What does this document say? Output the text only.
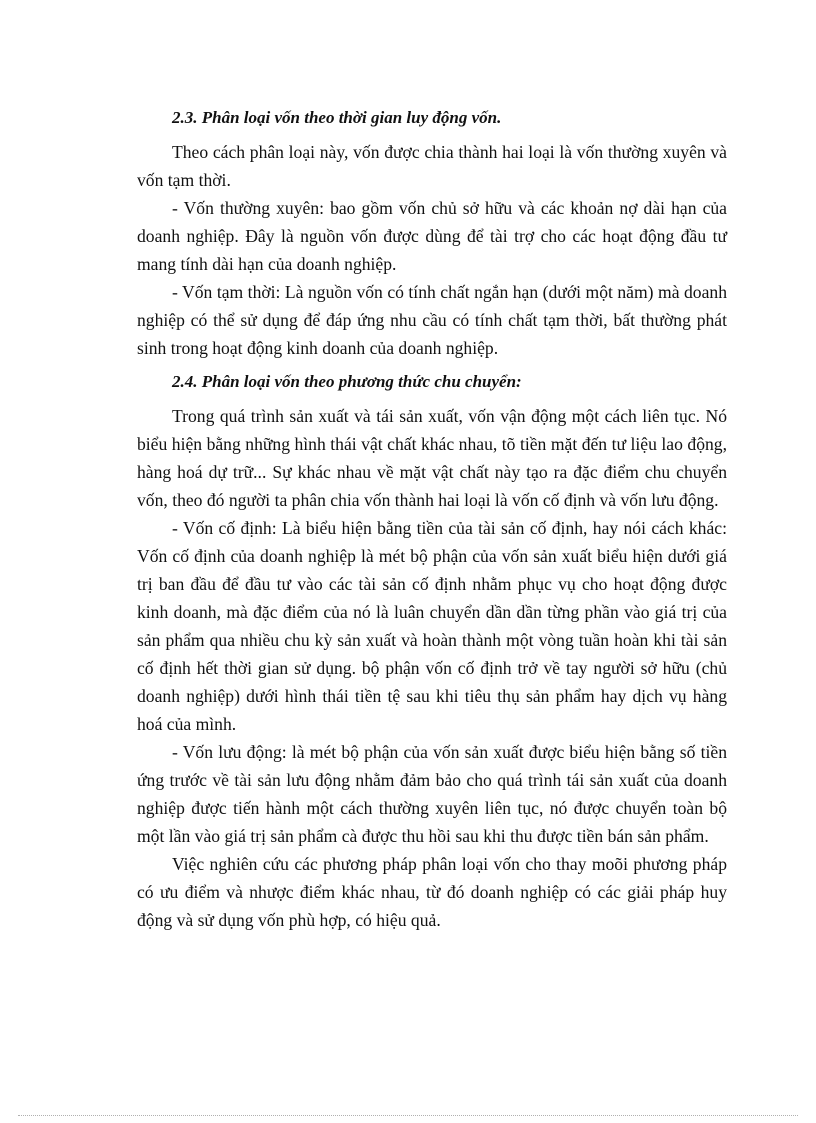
2.3. Phân loại vốn theo thời gian luy động vốn.

Theo cách phân loại này, vốn được chia thành hai loại là vốn thường xuyên và vốn tạm thời.

- Vốn thường xuyên: bao gồm vốn chủ sở hữu và các khoản nợ dài hạn của doanh nghiệp. Đây là nguồn vốn được dùng để tài trợ cho các hoạt động đầu tư mang tính dài hạn của doanh nghiệp.

- Vốn tạm thời: Là nguồn vốn có tính chất ngắn hạn (dưới một năm) mà doanh nghiệp có thể sử dụng để đáp ứng nhu cầu có tính chất tạm thời, bất thường phát sinh trong hoạt động kinh doanh của doanh nghiệp.

2.4. Phân loại vốn theo phương thức chu chuyển:

Trong quá trình sản xuất và tái sản xuất, vốn vận động một cách liên tục. Nó biểu hiện bằng những hình thái vật chất khác nhau, tõ tiền mặt đến tư liệu lao động, hàng hoá dự trữ... Sự khác nhau về mặt vật chất này tạo ra đặc điểm chu chuyển vốn, theo đó người ta phân chia vốn thành hai loại là vốn cố định và vốn lưu động.

- Vốn cố định: Là biểu hiện bằng tiền của tài sản cố định, hay nói cách khác: Vốn cố định của doanh nghiệp là mét bộ phận của vốn sản xuất biểu hiện dưới giá trị ban đầu để đầu tư vào các tài sản cố định nhằm phục vụ cho hoạt động được kinh doanh, mà đặc điểm của nó là luân chuyển dần dần từng phần vào giá trị của sản phẩm qua nhiều chu kỳ sản xuất và hoàn thành một vòng tuần hoàn khi tài sản cố định hết thời gian sử dụng. bộ phận vốn cố định trở về tay người sở hữu (chủ doanh nghiệp) dưới hình thái tiền tệ sau khi tiêu thụ sản phẩm hay dịch vụ hàng hoá của mình.

- Vốn lưu động: là mét bộ phận của vốn sản xuất được biểu hiện bằng số tiền ứng trước về tài sản lưu động nhằm đảm bảo cho quá trình tái sản xuất của doanh nghiệp được tiến hành một cách thường xuyên liên tục, nó được chuyển toàn bộ một lần vào giá trị sản phẩm cà được thu hồi sau khi thu được tiền bán sản phẩm.

Việc nghiên cứu các phương pháp phân loại vốn cho thay moõi phương pháp có ưu điểm và nhược điểm khác nhau, từ đó doanh nghiệp có các giải pháp huy động và sử dụng vốn phù hợp, có hiệu quả.
